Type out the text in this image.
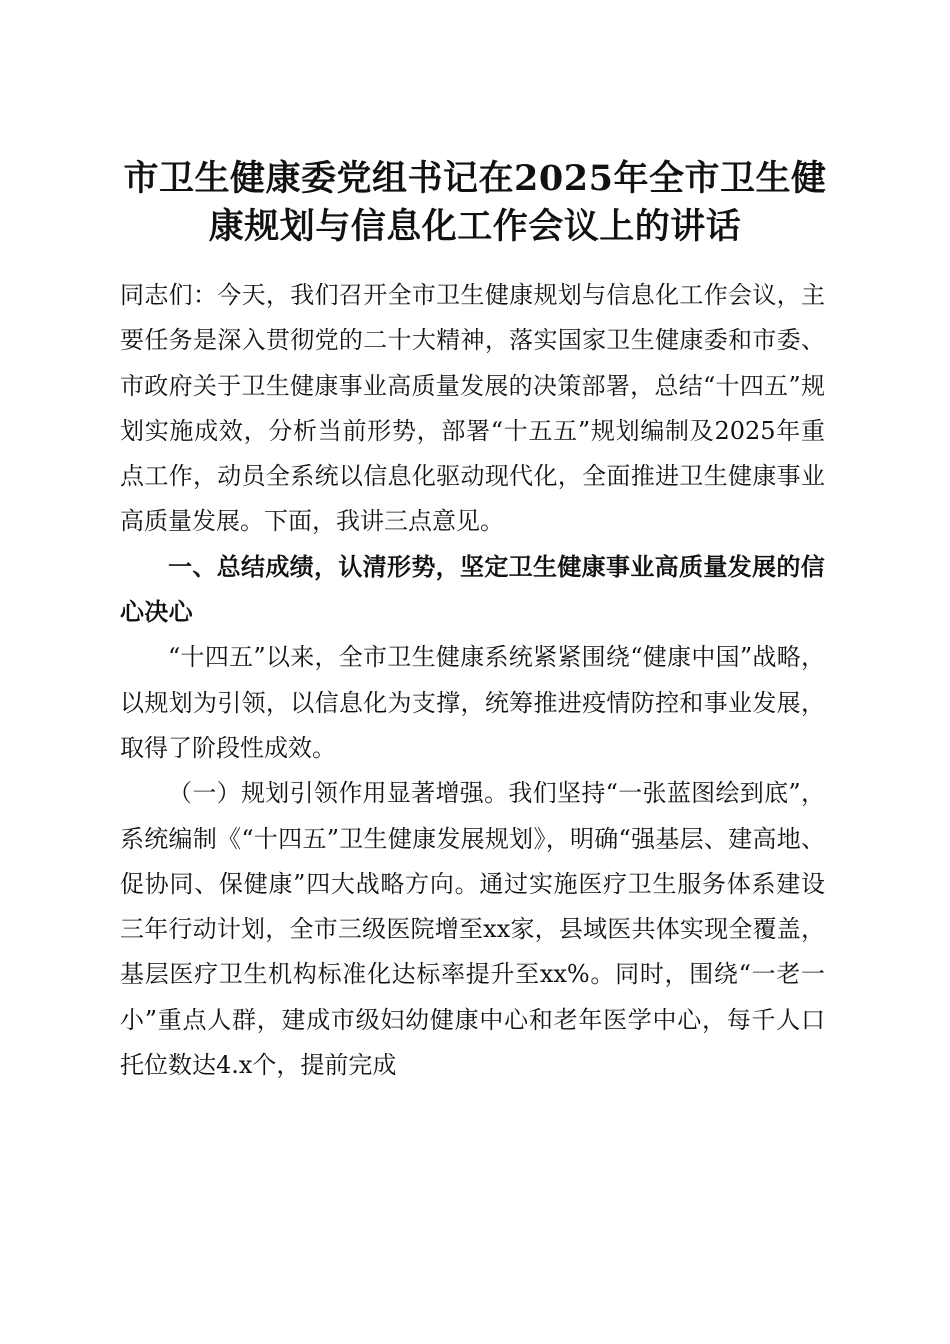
市卫生健康委党组书记在2025年全市卫生健
康规划与信息化工作会议上的讲话

同志们：今天，我们召开全市卫生健康规划与信息化工作会议，主要任务是深入贯彻党的二十大精神，落实国家卫生健康委和市委、市政府关于卫生健康事业高质量发展的决策部署，总结“十四五”规划实施成效，分析当前形势，部署“十五五”规划编制及2025年重点工作，动员全系统以信息化驱动现代化，全面推进卫生健康事业高质量发展。下面，我讲三点意见。

一、总结成绩，认清形势，坚定卫生健康事业高质量发展的信心决心

“十四五”以来，全市卫生健康系统紧紧围绕“健康中国”战略，以规划为引领，以信息化为支撑，统筹推进疫情防控和事业发展，取得了阶段性成效。

（一）规划引领作用显著增强。我们坚持“一张蓝图绘到底”，系统编制《“十四五”卫生健康发展规划》，明确“强基层、建高地、促协同、保健康”四大战略方向。通过实施医疗卫生服务体系建设三年行动计划，全市三级医院增至xx家，县域医共体实现全覆盖，基层医疗卫生机构标准化达标率提升至xx%。同时，围绕“一老一小”重点人群，建成市级妇幼健康中心和老年医学中心，每千人口托位数达4.x个，提前完成
